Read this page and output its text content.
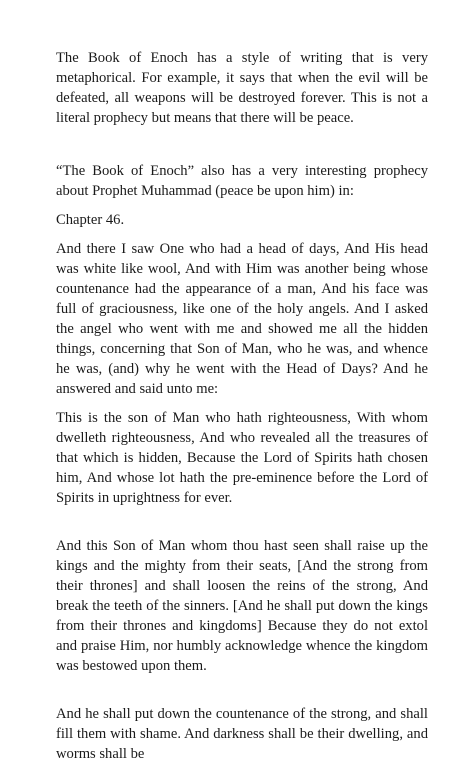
The Book of Enoch has a style of writing that is very metaphorical. For example, it says that when the evil will be defeated, all weapons will be destroyed forever. This is not a literal prophecy but means that there will be peace.

“The Book of Enoch” also has a very interesting prophecy about Prophet Muhammad (peace be upon him) in:

Chapter 46.

And there I saw One who had a head of days, And His head was white like wool, And with Him was another being whose countenance had the appearance of a man, And his face was full of graciousness, like one of the holy angels. And I asked the angel who went with me and showed me all the hidden things, concerning that Son of Man, who he was, and whence he was, (and) why he went with the Head of Days? And he answered and said unto me:

This is the son of Man who hath righteousness, With whom dwelleth righteousness, And who revealed all the treasures of that which is hidden, Because the Lord of Spirits hath chosen him, And whose lot hath the pre-eminence before the Lord of Spirits in uprightness for ever.

And this Son of Man whom thou hast seen shall raise up the kings and the mighty from their seats, [And the strong from their thrones] and shall loosen the reins of the strong, And break the teeth of the sinners. [And he shall put down the kings from their thrones and kingdoms] Because they do not extol and praise Him, nor humbly acknowledge whence the kingdom was bestowed upon them.

And he shall put down the countenance of the strong, and shall fill them with shame. And darkness shall be their dwelling, and worms shall be
